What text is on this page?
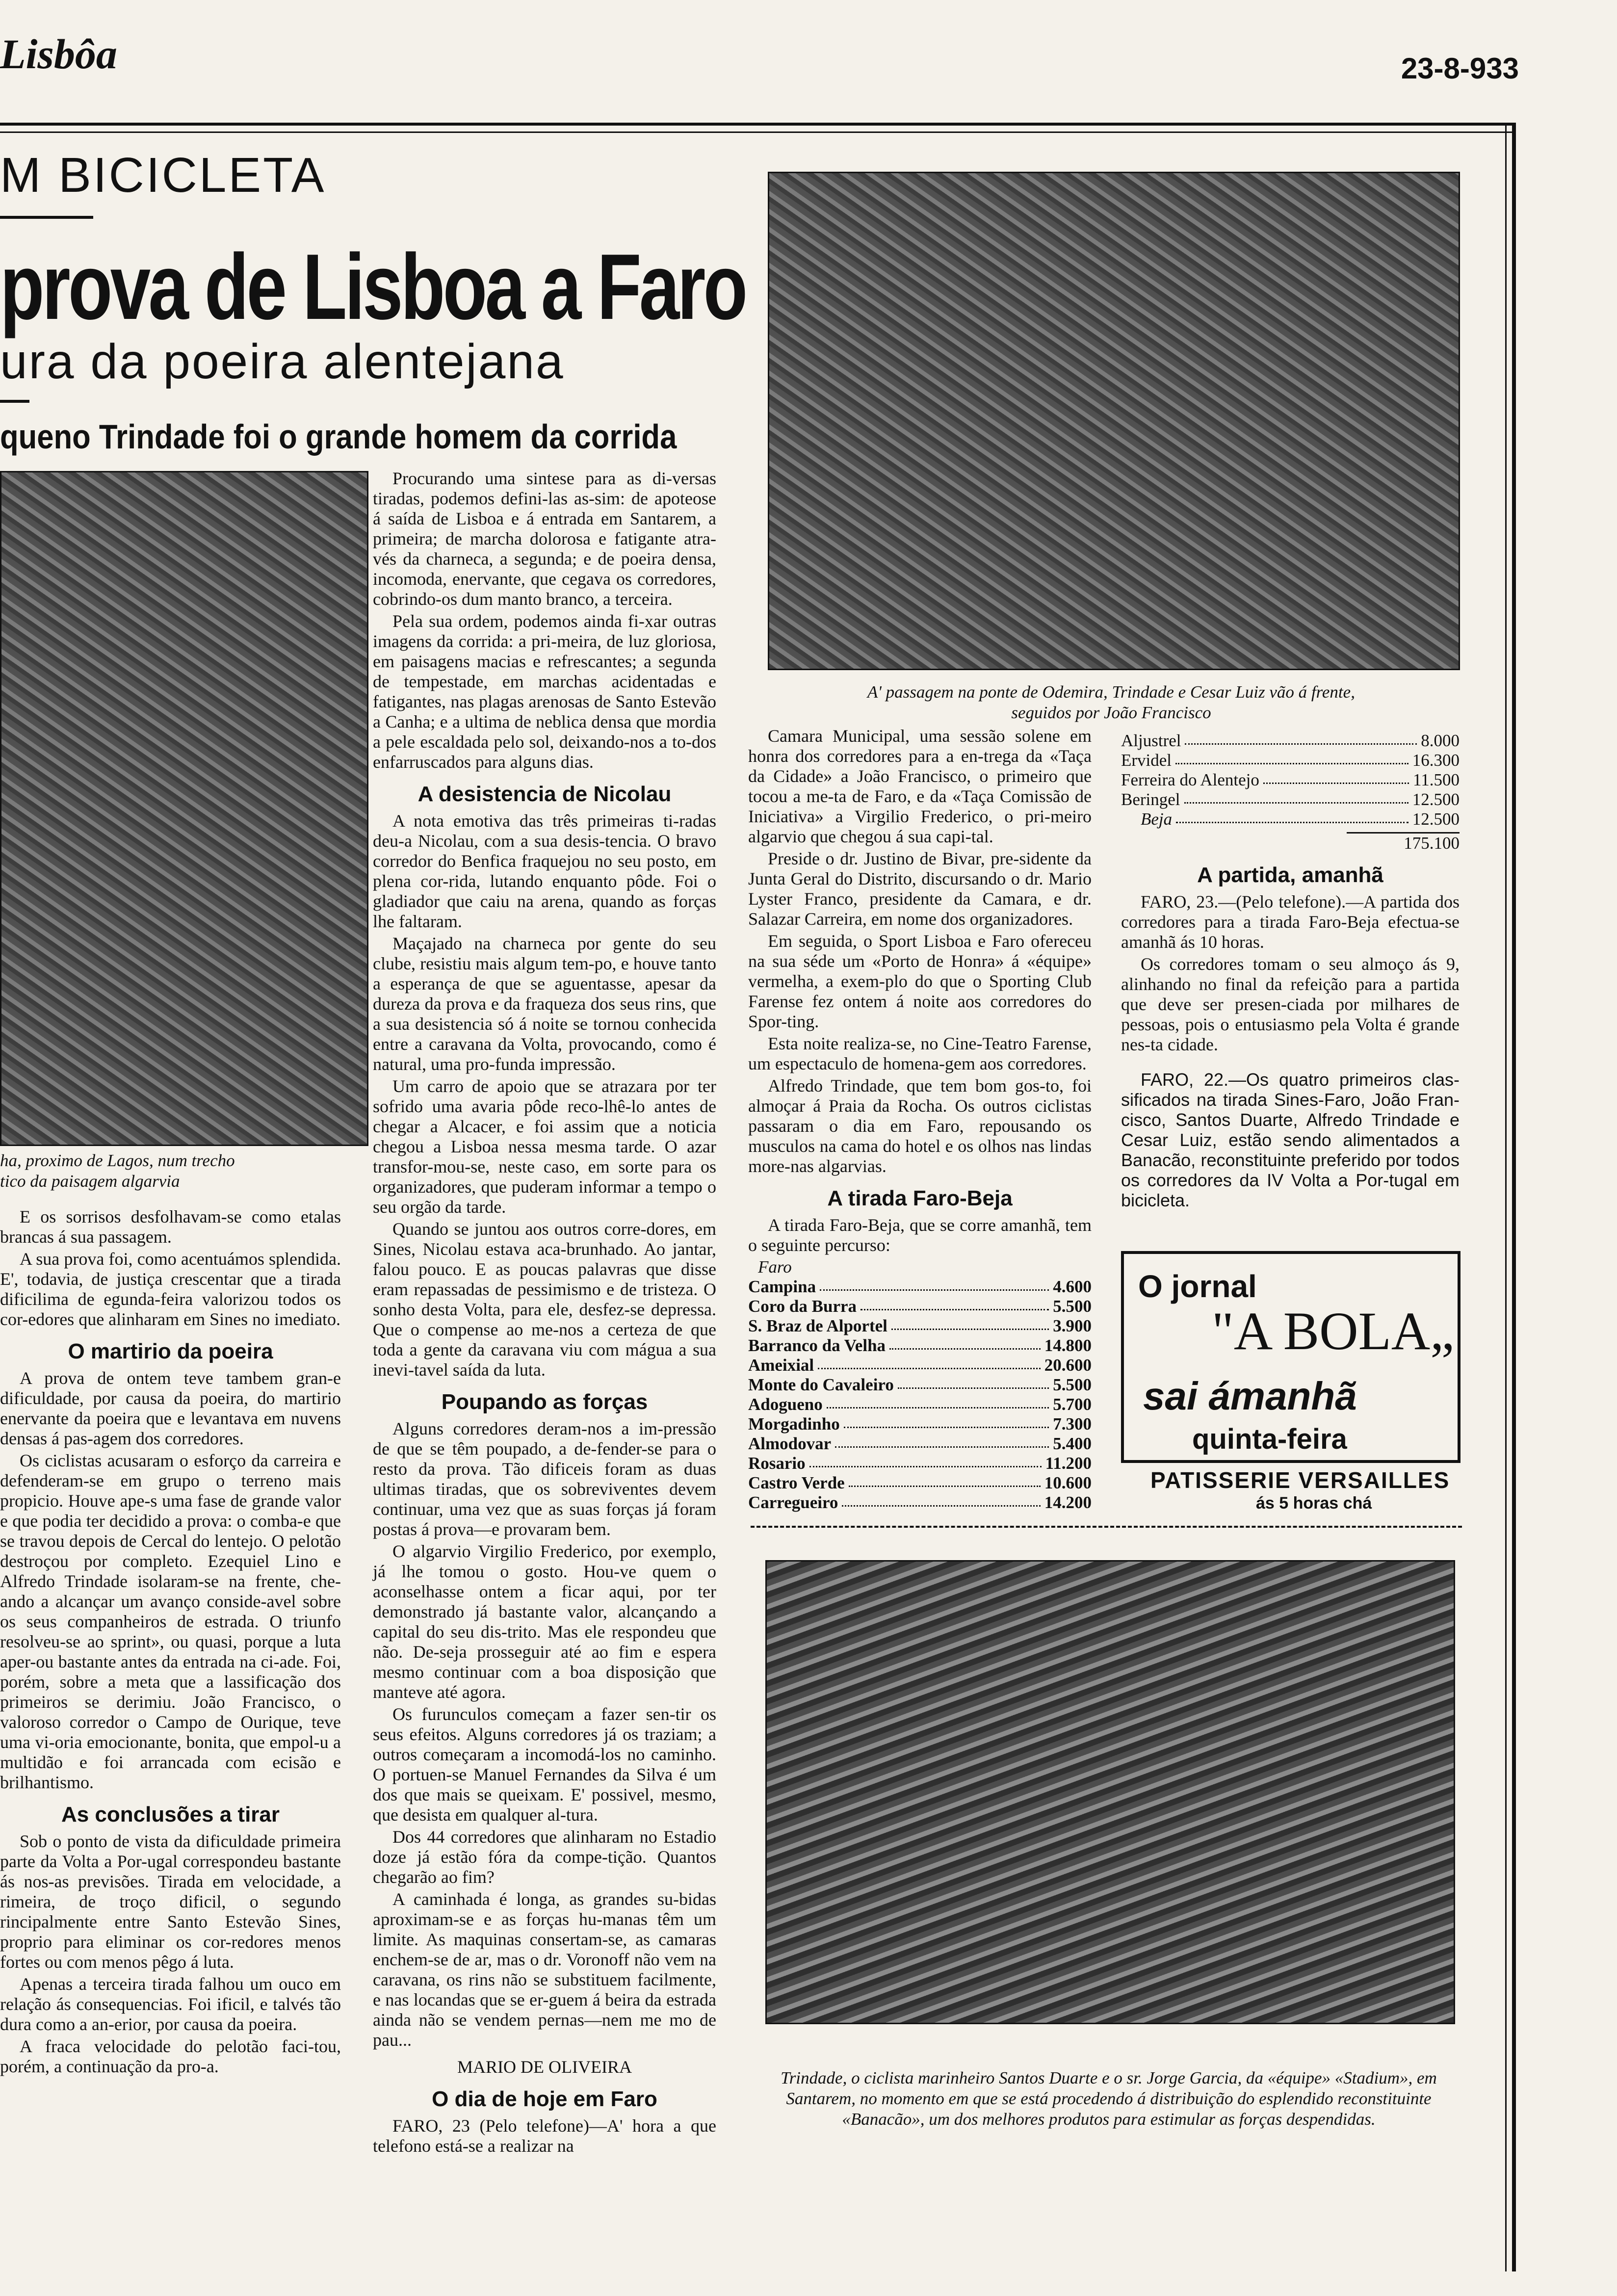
Lisbôa	23-8-933
M BICICLETA
prova de Lisboa a Faro
ura da poeira alentejana
queno Trindade foi o grande homem da corrida
ha, proximo de Lagos, num trecho
tico da paisagem algarvia

E os sorrisos desfolhavam-se como etalas brancas á sua passagem.

A sua prova foi, como acentuámos splendida. E', todavia, de justiça crescentar que a tirada dificilima de egunda-feira valorizou todos os cor-edores que alinharam em Sines no imediato.

O martirio da poeira

A prova de ontem teve tambem gran-e dificuldade, por causa da poeira, do martirio enervante da poeira que e levantava em nuvens densas á pas-agem dos corredores.

Os ciclistas acusaram o esforço da carreira e defenderam-se em grupo o terreno mais propicio. Houve ape-s uma fase de grande valor e que podia ter decidido a prova: o comba-e que se travou depois de Cercal do lentejo. O pelotão destroçou por completo. Ezequiel Lino e Alfredo Trindade isolaram-se na frente, che-ando a alcançar um avanço conside-avel sobre os seus companheiros de estrada. O triunfo resolveu-se ao sprint», ou quasi, porque a luta aper-ou bastante antes da entrada na ci-ade. Foi, porém, sobre a meta que a lassificação dos primeiros se derimiu. João Francisco, o valoroso corredor o Campo de Ourique, teve uma vi-oria emocionante, bonita, que empol-u a multidão e foi arrancada com ecisão e brilhantismo.

As conclusões a tirar

Sob o ponto de vista da dificuldade primeira parte da Volta a Por-ugal correspondeu bastante ás nos-as previsões. Tirada em velocidade, a rimeira, de troço dificil, o segundo rincipalmente entre Santo Estevão Sines, proprio para eliminar os cor-redores menos fortes ou com menos pêgo á luta.

Apenas a terceira tirada falhou um ouco em relação ás consequencias. Foi ificil, e talvés tão dura como a an-erior, por causa da poeira.

A fraca velocidade do pelotão faci-tou, porém, a continuação da pro-a.

Procurando uma sintese para as di-versas tiradas, podemos defini-las as-sim: de apoteose á saída de Lisboa e á entrada em Santarem, a primeira; de marcha dolorosa e fatigante atra-vés da charneca, a segunda; e de poeira densa, incomoda, enervante, que cegava os corredores, cobrindo-os dum manto branco, a terceira.

Pela sua ordem, podemos ainda fi-xar outras imagens da corrida: a pri-meira, de luz gloriosa, em paisagens macias e refrescantes; a segunda de tempestade, em marchas acidentadas e fatigantes, nas plagas arenosas de Santo Estevão a Canha; e a ultima de neblica densa que mordia a pele escaldada pelo sol, deixando-nos a to-dos enfarruscados para alguns dias.

A desistencia de Nicolau

A nota emotiva das três primeiras ti-radas deu-a Nicolau, com a sua desis-tencia. O bravo corredor do Benfica fraquejou no seu posto, em plena cor-rida, lutando enquanto pôde. Foi o gladiador que caiu na arena, quando as forças lhe faltaram.

Maçajado na charneca por gente do seu clube, resistiu mais algum tem-po, e houve tanto a esperança de que se aguentasse, apesar da dureza da prova e da fraqueza dos seus rins, que a sua desistencia só á noite se tornou conhecida entre a caravana da Volta, provocando, como é natural, uma pro-funda impressão.

Um carro de apoio que se atrazara por ter sofrido uma avaria pôde reco-lhê-lo antes de chegar a Alcacer, e foi assim que a noticia chegou a Lisboa nessa mesma tarde. O azar transfor-mou-se, neste caso, em sorte para os organizadores, que puderam informar a tempo o seu orgão da tarde.

Quando se juntou aos outros corre-dores, em Sines, Nicolau estava aca-brunhado. Ao jantar, falou pouco. E as poucas palavras que disse eram repassadas de pessimismo e de tristeza. O sonho desta Volta, para ele, desfez-se depressa. Que o compense ao me-nos a certeza de que toda a gente da caravana viu com mágua a sua inevi-tavel saída da luta.

Poupando as forças

Alguns corredores deram-nos a im-pressão de que se têm poupado, a de-fender-se para o resto da prova. Tão dificeis foram as duas ultimas tiradas, que os sobreviventes devem continuar, uma vez que as suas forças já foram postas á prova—e provaram bem.

O algarvio Virgilio Frederico, por exemplo, já lhe tomou o gosto. Hou-ve quem o aconselhasse ontem a ficar aqui, por ter demonstrado já bastante valor, alcançando a capital do seu dis-trito. Mas ele respondeu que não. De-seja prosseguir até ao fim e espera mesmo continuar com a boa disposição que manteve até agora.

Os furunculos começam a fazer sen-tir os seus efeitos. Alguns corredores já os traziam; a outros começaram a incomodá-los no caminho. O portuen-se Manuel Fernandes da Silva é um dos que mais se queixam. E' possivel, mesmo, que desista em qualquer al-tura.

Dos 44 corredores que alinharam no Estadio doze já estão fóra da compe-tição. Quantos chegarão ao fim?

A caminhada é longa, as grandes su-bidas aproximam-se e as forças hu-manas têm um limite. As maquinas consertam-se, as camaras enchem-se de ar, mas o dr. Voronoff não vem na caravana, os rins não se substituem facilmente, e nas locandas que se er-guem á beira da estrada ainda não se vendem pernas—nem me mo de pau...

MARIO DE OLIVEIRA
O dia de hoje em Faro

FARO, 23 (Pelo telefone)—A' hora a que telefono está-se a realizar na

A' passagem na ponte de Odemira, Trindade e Cesar Luiz vão á frente,
seguidos por João Francisco

Camara Municipal, uma sessão solene em honra dos corredores para a en-trega da «Taça da Cidade» a João Francisco, o primeiro que tocou a me-ta de Faro, e da «Taça Comissão de Iniciativa» a Virgilio Frederico, o pri-meiro algarvio que chegou á sua capi-tal.

Preside o dr. Justino de Bivar, pre-sidente da Junta Geral do Distrito, discursando o dr. Mario Lyster Franco, presidente da Camara, e dr. Salazar Carreira, em nome dos organizadores.

Em seguida, o Sport Lisboa e Faro ofereceu na sua séde um «Porto de Honra» á «équipe» vermelha, a exem-plo do que o Sporting Club Farense fez ontem á noite aos corredores do Spor-ting.

Esta noite realiza-se, no Cine-Teatro Farense, um espectaculo de homena-gem aos corredores.

Alfredo Trindade, que tem bom gos-to, foi almoçar á Praia da Rocha. Os outros ciclistas passaram o dia em Faro, repousando os musculos na cama do hotel e os olhos nas lindas more-nas algarvias.

A tirada Faro-Beja

A tirada Faro-Beja, que se corre amanhã, tem o seguinte percurso:

Faro
Campina	4.600
Coro da Burra	5.500
S. Braz de Alportel	3.900
Barranco da Velha	14.800
Ameixial	20.600
Monte do Cavaleiro	5.500
Adogueno	5.700
Morgadinho	7.300
Almodovar	5.400
Rosario	11.200
Castro Verde	10.600
Carregueiro	14.200
Aljustrel	8.000
Ervidel	16.300
Ferreira do Alentejo	11.500
Beringel	12.500
Beja	12.500
175.100
A partida, amanhã

FARO, 23.—(Pelo telefone).—A partida dos corredores para a tirada Faro-Beja efectua-se amanhã ás 10 horas.

Os corredores tomam o seu almoço ás 9, alinhando no final da refeição para a partida que deve ser presen-ciada por milhares de pessoas, pois o entusiasmo pela Volta é grande nes-ta cidade.

FARO, 22.—Os quatro primeiros clas-sificados na tirada Sines-Faro, João Fran-cisco, Santos Duarte, Alfredo Trindade e Cesar Luiz, estão sendo alimentados a Banacão, reconstituinte preferido por todos os corredores da IV Volta a Por-tugal em bicicleta.

O jornal
"A BOLA„
sai ámanhã
quinta-feira
PATISSERIE VERSAILLES
ás 5 horas chá
Trindade, o ciclista marinheiro Santos Duarte e o sr. Jorge Garcia, da «équipe» «Stadium», em Santarem, no momento em que se está procedendo á distribuição do esplendido reconstituinte «Banacão», um dos melhores produtos para estimular as forças despendidas.
